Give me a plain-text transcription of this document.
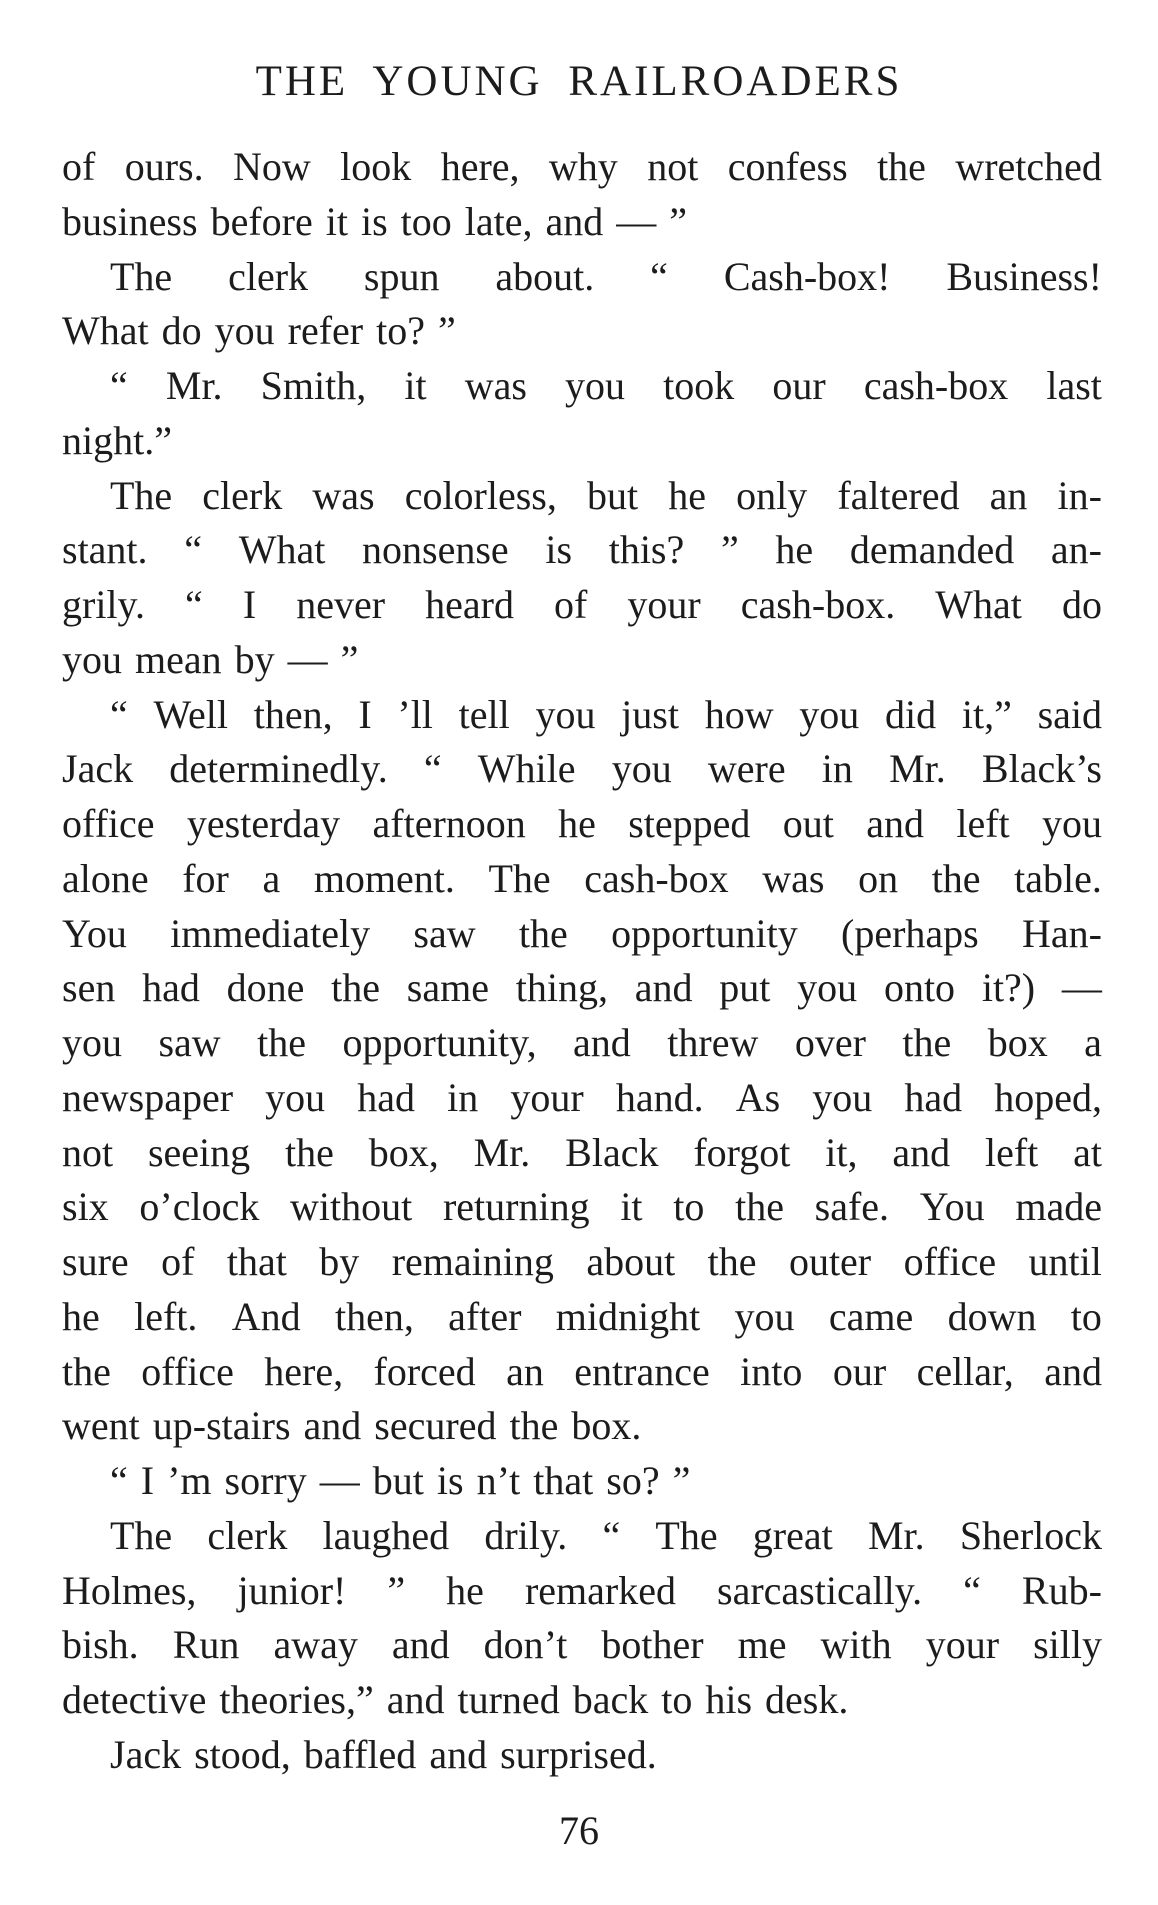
THE YOUNG RAILROADERS
of ours. Now look here, why not confess the wretched
business before it is too late, and — ”
The clerk spun about. “ Cash-box! Business!
What do you refer to? ”
“ Mr. Smith, it was you took our cash-box last
night.”
The clerk was colorless, but he only faltered an in-
stant. “ What nonsense is this? ” he demanded an-
grily. “ I never heard of your cash-box. What do
you mean by — ”
“ Well then, I ’ll tell you just how you did it,” said
Jack determinedly. “ While you were in Mr. Black’s
office yesterday afternoon he stepped out and left you
alone for a moment. The cash-box was on the table.
You immediately saw the opportunity (perhaps Han-
sen had done the same thing, and put you onto it?) —
you saw the opportunity, and threw over the box a
newspaper you had in your hand. As you had hoped,
not seeing the box, Mr. Black forgot it, and left at
six o’clock without returning it to the safe. You made
sure of that by remaining about the outer office until
he left. And then, after midnight you came down to
the office here, forced an entrance into our cellar, and
went up-stairs and secured the box.
“ I ’m sorry — but is n’t that so? ”
The clerk laughed drily. “ The great Mr. Sherlock
Holmes, junior! ” he remarked sarcastically. “ Rub-
bish. Run away and don’t bother me with your silly
detective theories,” and turned back to his desk.
Jack stood, baffled and surprised.
76
